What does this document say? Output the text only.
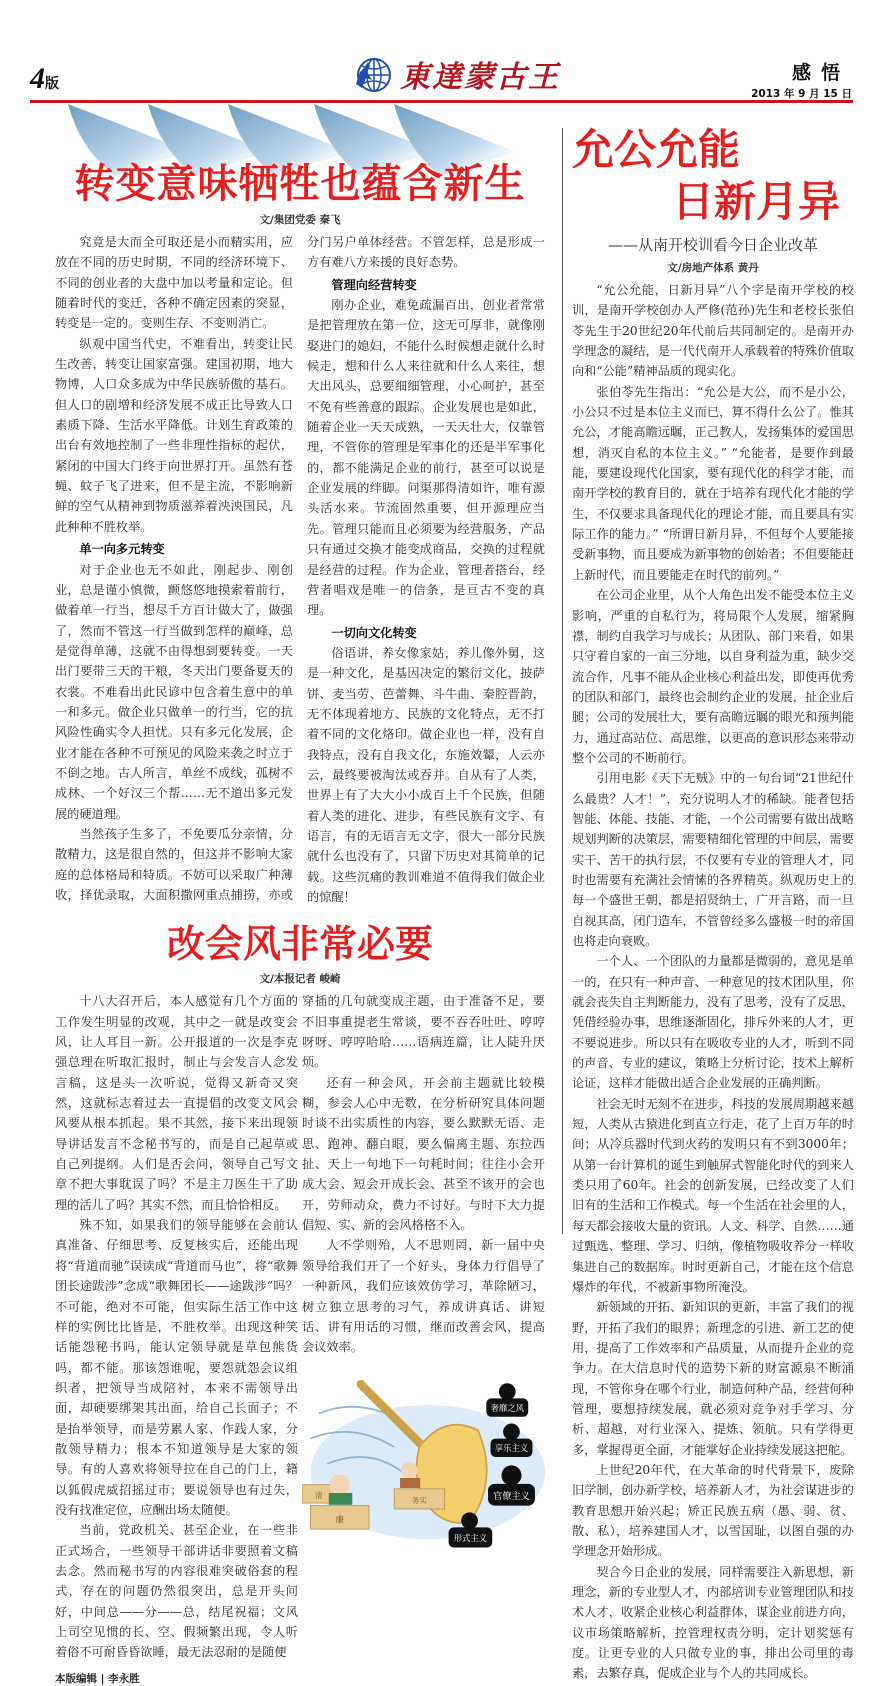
4版	東達蒙古王	感悟
2013 年 9 月 15 日
转变意味牺牲也蕴含新生
文/集团党委 秦飞

究竟是大而全可取还是小而精实用，应放在不同的历史时期，不同的经济环境下、不同的创业者的大盘中加以考量和定论。但随着时代的变迁，各种不确定因素的突显，转变是一定的。变则生存、不变则消亡。

纵观中国当代史，不难看出，转变让民生改善，转变让国家富强。建国初期，地大物博，人口众多成为中华民族骄傲的基石。但人口的剧增和经济发展不成正比导致人口素质下降、生活水平降低。计划生育政策的出台有效地控制了一些非理性指标的起伏，紧闭的中国大门终于向世界打开。虽然有苍蝇、蚊子飞了进来，但不是主流，不影响新鲜的空气从精神到物质滋养着泱泱国民，凡此种种不胜枚举。

单一向多元转变

对于企业也无不如此，刚起步、刚创业，总是谨小慎微，颤悠悠地摸索着前行，做着单一行当，想尽千方百计做大了，做强了，然而不管这一行当做到怎样的巅峰，总是觉得单薄，这就不由得想到要转变。一天出门要带三天的干粮，冬天出门要备夏天的衣裳。不难看出此民谚中包含着生意中的单一和多元。做企业只做单一的行当，它的抗风险性确实令人担忧。只有多元化发展，企业才能在各种不可预见的风险来袭之时立于不倒之地。古人所言，单丝不成线，孤树不成林、一个好汉三个帮……无不道出多元发展的硬道理。

当然孩子生多了，不免要瓜分亲情，分散精力，这是很自然的，但这并不影响大家庭的总体格局和特质。不妨可以采取广种薄收，择优录取，大面积撒网重点捕捞，亦或分门另户单体经营。不管怎样，总是形成一方有难八方来援的良好态势。

管理向经营转变

刚办企业，难免疏漏百出，创业者常常是把管理放在第一位，这无可厚非，就像刚娶进门的媳妇，不能什么时候想走就什么时候走，想和什么人来往就和什么人来往，想大出风头，总要细细管理，小心呵护，甚至不免有些善意的跟踪。企业发展也是如此，随着企业一天天成熟，一天天壮大，仅靠管理，不管你的管理是军事化的还是半军事化的，都不能满足企业的前行，甚至可以说是企业发展的绊脚。问渠那得清如许，唯有源头活水来。节流固然重要，但开源理应当先。管理只能而且必须要为经营服务，产品只有通过交换才能变成商品，交换的过程就是经营的过程。作为企业，管理者搭台，经营者唱戏是唯一的信条，是亘古不变的真理。

一切向文化转变

俗语讲，养女像家姑，养儿像外舅，这是一种文化，是基因决定的繁衍文化，披萨饼、麦当劳、芭蕾舞、斗牛曲、秦腔晋韵，无不体现着地方、民族的文化特点，无不打着不同的文化烙印。做企业也一样，没有自我特点，没有自我文化，东施效颦，人云亦云，最终要被淘汰或吞并。自从有了人类，世界上有了大大小小成百上千个民族，但随着人类的进化、进步，有些民族有文字、有语言，有的无语言无文字，很大一部分民族就什么也没有了，只留下历史对其简单的记载。这些沉痛的教训难道不值得我们做企业的惊醒！

改会风非常必要
文/本报记者 峻崎

十八大召开后，本人感觉有几个方面的工作发生明显的改观，其中之一就是改变会风，让人耳目一新。公开报道的一次是李克强总理在听取汇报时，制止与会发言人念发言稿，这是头一次听说，觉得又新奇又突然，这就标志着过去一直提倡的改变文风会风要从根本抓起。果不其然，接下来出现领导讲话发言不念秘书写的，而是自己起草或自己列提纲。人们是否会问，领导自己写文章不把大事耽误了吗？不是主刀医生干了助理的活儿了吗？其实不然，而且恰恰相反。

殊不知，如果我们的领导能够在会前认真准备、仔细思考、反复核实后，还能出现将“背道而驰”误读成“背道而马也”，将“歌舞团长途跋涉”念成“歌舞团长——途跋涉”吗？不可能，绝对不可能，但实际生活工作中这样的实例比比皆是，不胜枚举。出现这种笑话能怨秘书吗，能认定领导就是草包熊货吗，都不能。那该怨谁呢，要怨就怨会议组织者，把领导当成陪衬，本来不需领导出面，却硬要绑架其出面，给自己长面子；不是抬举领导，而是劳累人家、作践人家，分散领导精力；根本不知道领导是大家的领导。有的人喜欢将领导拉在自己的门上，籍以狐假虎威招摇过市；要说领导也有过失，没有找准定位，应酬出场太随便。

当前，党政机关、甚至企业，在一些非正式场合，一些领导干部讲话非要照着文稿去念。然而秘书写的内容很难突破俗套的程式，存在的问题仍然很突出，总是开头问好，中间总——分——总，结尾祝福；文风上司空见惯的长、空、假频繁出现，令人听着俗不可耐昏昏欲睡，最无法忍耐的是随便

穿插的几句就变成主题，由于准备不足，要不旧事重提老生常谈，要不吞吞吐吐、哼哼呀呀、哼哼哈哈……语病连篇，让人陡升厌烦。

还有一种会风，开会前主题就比较模糊，参会人心中无数，在分析研究具体问题时谈不出实质性的内容，要么默默无语、走思、跑神、翻白眼，要么偏离主题、东拉西扯、天上一句地下一句耗时间；往往小会开成大会、短会开成长会、甚至不该开的会也开，劳师动众，费力不讨好。与时下大力提倡短、实、新的会风格格不入。

人不学则殆，人不思则罔，新一届中央领导给我们开了一个好头，身体力行倡导了一种新风，我们应该效仿学习，革除陋习，树立独立思考的习气，养成讲真话、讲短话、讲有用话的习惯，继而改善会风，提高会议效率。

廉
务实
清
奢靡之风
享乐主义
官僚主义
形式主义
本版编辑 | 李永胜
允公允能
日新月异
——从南开校训看今日企业改革
文/房地产体系 黄丹

“允公允能，日新月异”八个字是南开学校的校训，是南开学校创办人严修(范孙)先生和老校长张伯苓先生于20世纪20年代前后共同制定的。是南开办学理念的凝结，是一代代南开人承载着的特殊价值取向和“公能”精神品质的现实化。

张伯苓先生指出：“允公是大公，而不是小公，小公只不过是本位主义而已，算不得什么公了。惟其允公，才能高瞻远瞩，正己教人，发扬集体的爱国思想，消灭自私的本位主义。” “允能者，是要作到最能，要建设现代化国家，要有现代化的科学才能，而南开学校的教育目的，就在于培养有现代化才能的学生，不仅要求具备现代化的理论才能，而且要具有实际工作的能力。” “所谓日新月异，不但每个人要能接受新事物，而且要成为新事物的创始者；不但要能赶上新时代，而且要能走在时代的前列。”

在公司企业里，从个人角色出发不能受本位主义影响，严重的自私行为，将局限个人发展，缩紧胸襟，制约自我学习与成长；从团队、部门来看，如果只守着自家的一亩三分地，以自身利益为重，缺少交流合作，凡事不能从企业核心利益出发，即使再优秀的团队和部门，最终也会制约企业的发展，扯企业后腿；公司的发展壮大，要有高瞻远瞩的眼光和预判能力，通过高站位、高思维，以更高的意识形态来带动整个公司的不断前行。

引用电影《天下无贼》中的一句台词“21世纪什么最贵？人才！”，充分说明人才的稀缺。能者包括智能、体能、技能、才能，一个公司需要有做出战略规划判断的决策层，需要精细化管理的中间层，需要实干、苦干的执行层，不仅要有专业的管理人才，同时也需要有充满社会情愫的各界精英。纵观历史上的每一个盛世王朝，都是招贤纳士，广开言路，而一旦自视其高，闭门造车，不管曾经多么盛极一时的帝国也将走向衰败。

一个人、一个团队的力量都是微弱的，意见是单一的，在只有一种声音、一种意见的技术团队里，你就会丧失自主判断能力，没有了思考，没有了反思，凭借经验办事，思维逐渐固化，排斥外来的人才，更不要说进步。所以只有在吸收专业的人才，听到不同的声音、专业的建议，策略上分析讨论，技术上解析论证，这样才能做出适合企业发展的正确判断。

社会无时无刻不在进步，科技的发展周期越来越短，人类从古猿进化到直立行走，花了上百万年的时间；从冷兵器时代到火药的发明只有不到3000年；从第一台计算机的诞生到触屏式智能化时代的到来人类只用了60年。社会的创新发展，已经改变了人们旧有的生活和工作模式。每一个生活在社会里的人，每天都会接收大量的资讯。人文、科学、自然……通过甄选、整理、学习、归纳，像植物吸收养分一样收集进自己的数据库。时时更新自己，才能在这个信息爆炸的年代，不被新事物所淹没。

新领域的开拓、新知识的更新，丰富了我们的视野，开拓了我们的眼界；新理念的引进、新工艺的使用，提高了工作效率和产品质量，从而提升企业的竞争力。在大信息时代的造势下新的财富源泉不断涌现，不管你身在哪个行业，制造何种产品，经营何种管理，要想持续发展，就必须对竞争对手学习、分析、超越，对行业深入、提炼、领航。只有学得更多，掌握得更全面，才能掌好企业持续发展这把舵。

上世纪20年代，在大革命的时代背景下，废除旧学制，创办新学校，培养新人才，为社会谋进步的教育思想开始兴起；矫正民族五病（愚、弱、贫、散、私），培养建国人才，以雪国耻，以图自强的办学理念开始形成。

契合今日企业的发展，同样需要注入新思想，新理念，新的专业型人才，内部培训专业管理团队和技术人才，收紧企业核心利益群体，谋企业前进方向，议市场策略解析，控管理权责分明，定计划奖惩有度。让更专业的人只做专业的事，排出公司里的毒素，去繁存真，促成企业与个人的共同成长。
